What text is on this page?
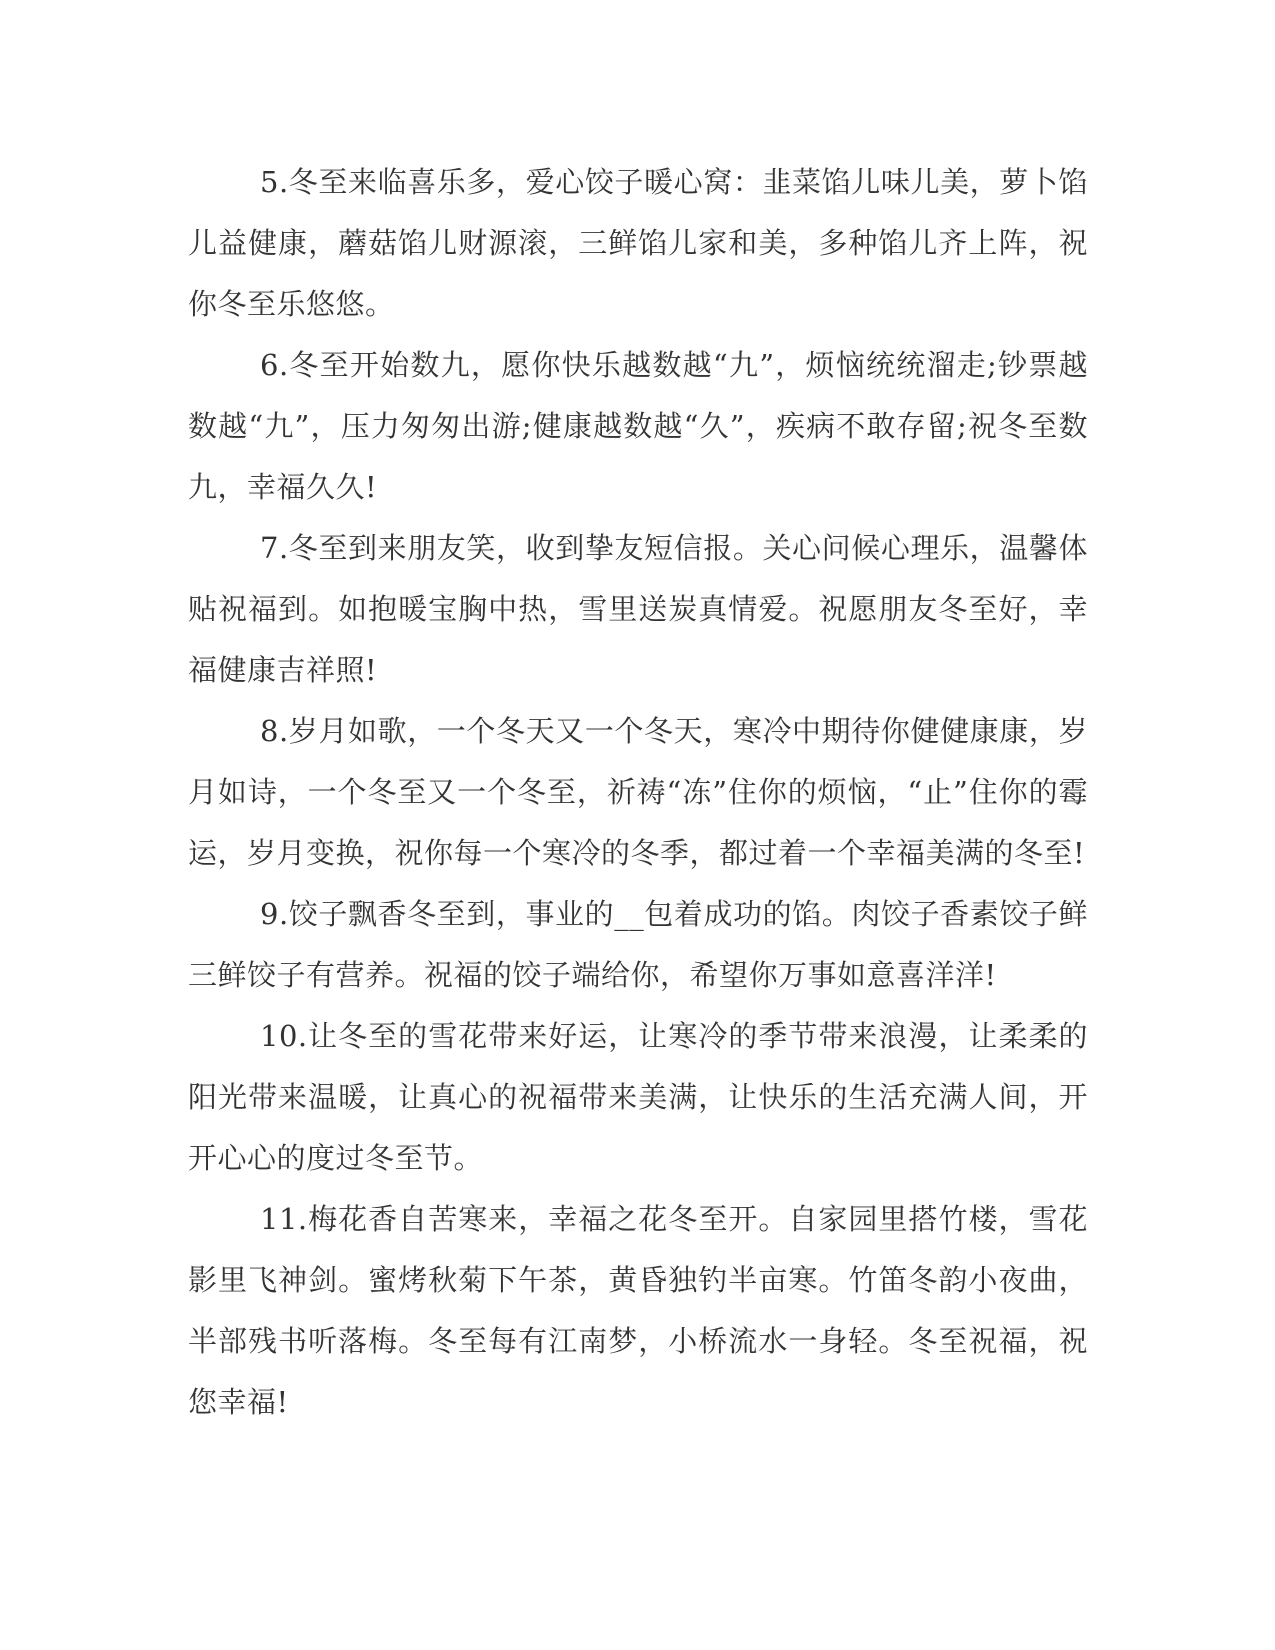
5.冬至来临喜乐多，爱心饺子暖心窝：韭菜馅儿味儿美，萝卜馅儿益健康，蘑菇馅儿财源滚，三鲜馅儿家和美，多种馅儿齐上阵，祝你冬至乐悠悠。

6.冬至开始数九，愿你快乐越数越“九”，烦恼统统溜走;钞票越数越“九”，压力匆匆出游;健康越数越“久”，疾病不敢存留;祝冬至数九，幸福久久!

7.冬至到来朋友笑，收到挚友短信报。关心问候心理乐，温馨体贴祝福到。如抱暖宝胸中热，雪里送炭真情爱。祝愿朋友冬至好，幸福健康吉祥照!

8.岁月如歌，一个冬天又一个冬天，寒冷中期待你健健康康，岁月如诗，一个冬至又一个冬至，祈祷“冻”住你的烦恼，“止”住你的霉运，岁月变换，祝你每一个寒冷的冬季，都过着一个幸福美满的冬至!

9.饺子飘香冬至到，事业的__包着成功的馅。肉饺子香素饺子鲜三鲜饺子有营养。祝福的饺子端给你，希望你万事如意喜洋洋!

10.让冬至的雪花带来好运，让寒冷的季节带来浪漫，让柔柔的阳光带来温暖，让真心的祝福带来美满，让快乐的生活充满人间，开开心心的度过冬至节。

11.梅花香自苦寒来，幸福之花冬至开。自家园里搭竹楼，雪花影里飞神剑。蜜烤秋菊下午茶，黄昏独钓半亩寒。竹笛冬韵小夜曲，半部残书听落梅。冬至每有江南梦，小桥流水一身轻。冬至祝福，祝您幸福!
